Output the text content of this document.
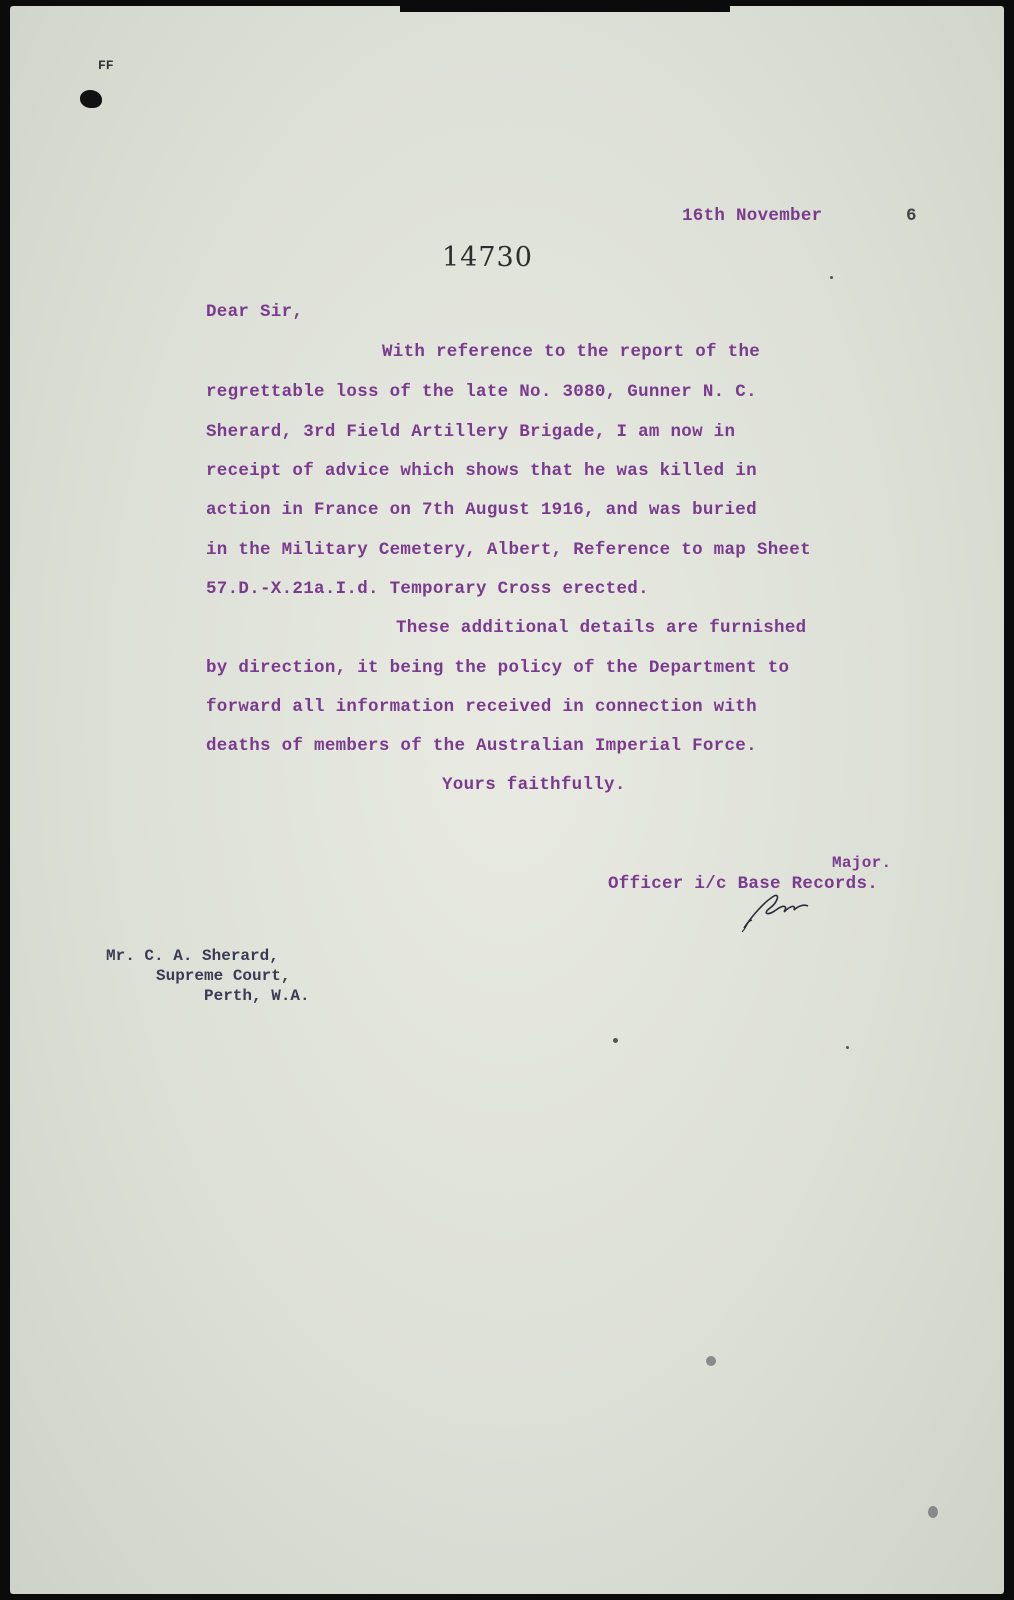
FF
16th November	6
14730
Dear Sir,
With reference to the report of the
regrettable loss of the late No. 3080, Gunner N. C.
Sherard, 3rd Field Artillery Brigade, I am now in
receipt of advice which shows that he was killed in
action in France on 7th August 1916, and was buried
in the Military Cemetery, Albert, Reference to map Sheet
57.D.-X.21a.I.d. Temporary Cross erected.
These additional details are furnished
by direction, it being the policy of the Department to
forward all information received in connection with
deaths of members of the Australian Imperial Force.
Yours faithfully.
Major.
Officer i/c Base Records.
Mr. C. A. Sherard,
Supreme Court,
Perth, W.A.
